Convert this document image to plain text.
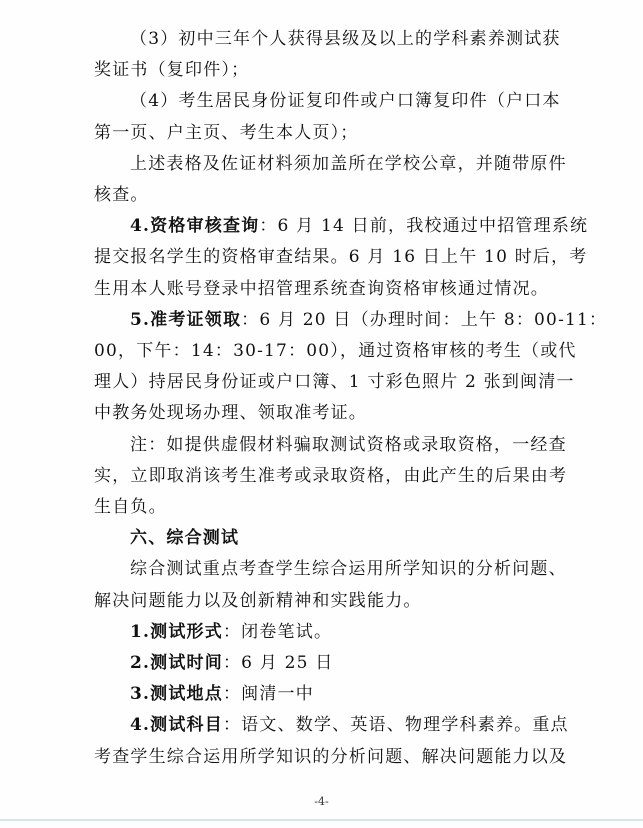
（3）初中三年个人获得县级及以上的学科素养测试获
奖证书（复印件）；
（4）考生居民身份证复印件或户口簿复印件（户口本
第一页、户主页、考生本人页）；
上述表格及佐证材料须加盖所在学校公章，并随带原件
核查。
4.资格审核查询：6 月 14 日前，我校通过中招管理系统
提交报名学生的资格审查结果。6 月 16 日上午 10 时后，考
生用本人账号登录中招管理系统查询资格审核通过情况。
5.准考证领取：6 月 20 日（办理时间：上午 8：00-11：
00，下午：14：30-17：00），通过资格审核的考生（或代
理人）持居民身份证或户口簿、1 寸彩色照片 2 张到闽清一
中教务处现场办理、领取准考证。
注：如提供虚假材料骗取测试资格或录取资格，一经查
实，立即取消该考生准考或录取资格，由此产生的后果由考
生自负。
六、综合测试
综合测试重点考查学生综合运用所学知识的分析问题、
解决问题能力以及创新精神和实践能力。
1.测试形式：闭卷笔试。
2.测试时间：6 月 25 日
3.测试地点：闽清一中
4.测试科目：语文、数学、英语、物理学科素养。重点
考查学生综合运用所学知识的分析问题、解决问题能力以及
-4-
